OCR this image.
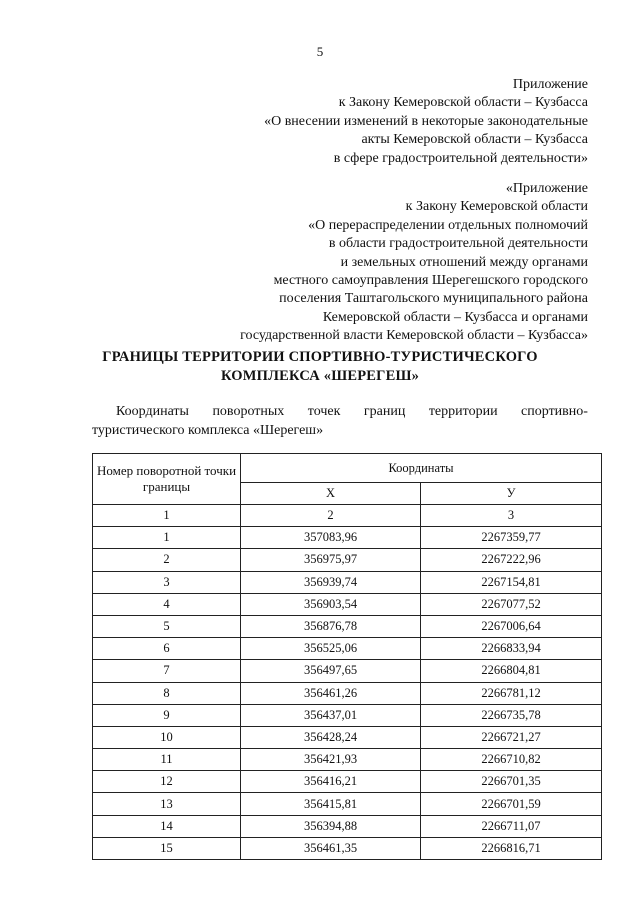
5
Приложение
к Закону Кемеровской области – Кузбасса
«О внесении изменений в некоторые законодательные
акты Кемеровской области – Кузбасса
в сфере градостроительной деятельности»
«Приложение
к Закону Кемеровской области
«О перераспределении отдельных полномочий
в области градостроительной деятельности
и земельных отношений между органами
местного самоуправления Шерегешского городского
поселения Таштагольского муниципального района
Кемеровской области – Кузбасса и органами
государственной власти Кемеровской области – Кузбасса»
ГРАНИЦЫ ТЕРРИТОРИИ СПОРТИВНО-ТУРИСТИЧЕСКОГО
КОМПЛЕКСА «ШЕРЕГЕШ»
Координаты поворотных точек границ территории спортивно-
туристического комплекса «Шерегеш»
Номер поворотной точки границы	Координаты	
	Х	У
1	2	3
1	357083,96	2267359,77
2	356975,97	2267222,96
3	356939,74	2267154,81
4	356903,54	2267077,52
5	356876,78	2267006,64
6	356525,06	2266833,94
7	356497,65	2266804,81
8	356461,26	2266781,12
9	356437,01	2266735,78
10	356428,24	2266721,27
11	356421,93	2266710,82
12	356416,21	2266701,35
13	356415,81	2266701,59
14	356394,88	2266711,07
15	356461,35	2266816,71
